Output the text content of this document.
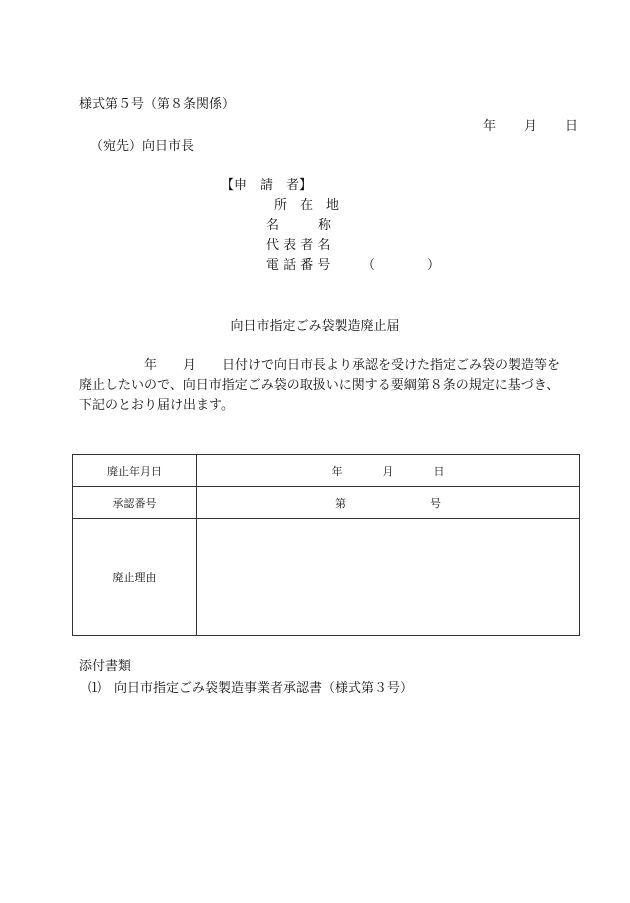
様式第５号（第８条関係）
年 月 日
（宛先）向日市長
【申　請　者】
所　在　地
名　　　称
代 表 者 名
電 話 番 号 （　　　　）
向日市指定ごみ袋製造廃止届
　　　　　年　　月　　日付けで向日市長より承認を受けた指定ごみ袋の製造等を
廃止したいので、向日市指定ごみ袋の取扱いに関する要綱第８条の規定に基づき、
下記のとおり届け出ます。
廃止年月日	年 月 日
承認番号	第 号
廃止理由	
添付書類
⑴　向日市指定ごみ袋製造事業者承認書（様式第３号）
